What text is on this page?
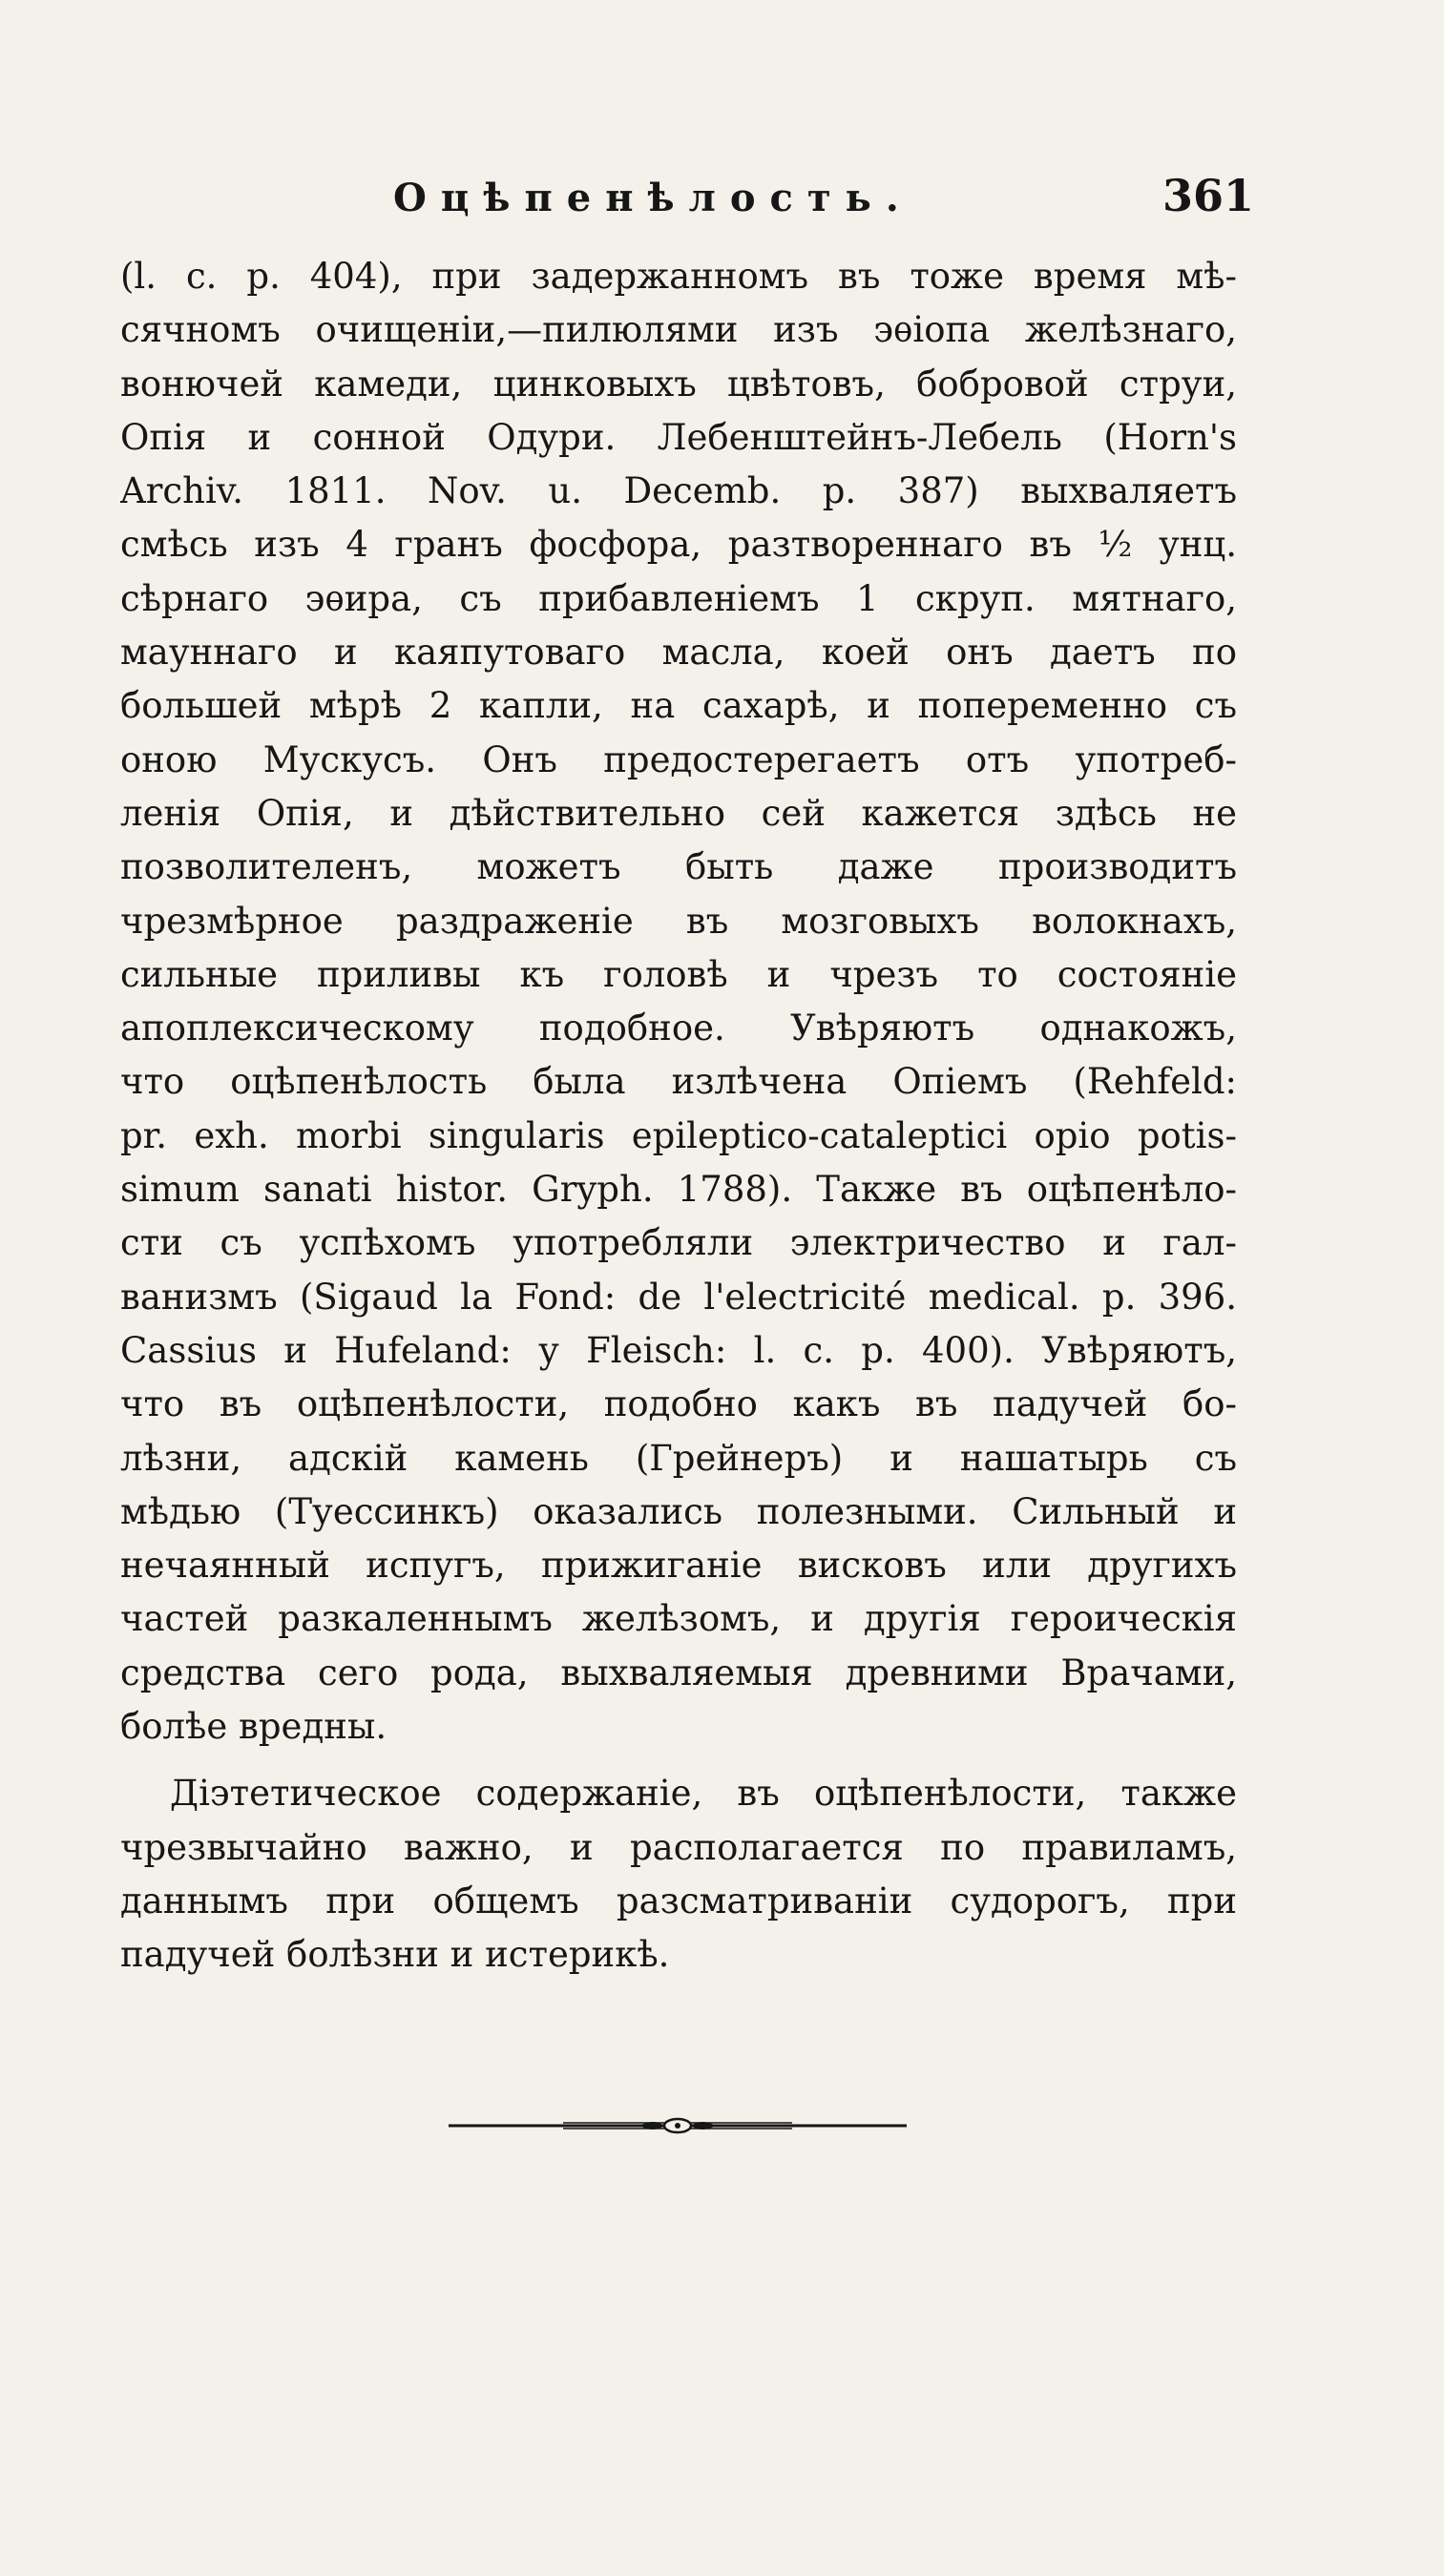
Оцѣпенѣлость.	361
(l. c. p. 404), при задержанномъ въ тоже время мѣ-
сячномъ очищеніи,—пилюлями изъ эѳіопа желѣзнаго,
вонючей камеди, цинковыхъ цвѣтовъ, бобровой струи,
Опія и сонной Одури. Лебенштейнъ-Лебель (Horn's
Archiv. 1811. Nov. u. Decemb. p. 387) выхваляетъ
смѣсь изъ 4 гранъ фосфора, разтвореннаго въ ½ унц.
сѣрнаго эѳира, съ прибавленіемъ 1 скруп. мятнаго,
мауннаго и каяпутоваго масла, коей онъ даетъ по
большей мѣрѣ 2 капли, на сахарѣ, и попеременно съ
оною Мускусъ. Онъ предостерегаетъ отъ употреб-
ленія Опія, и дѣйствительно сей кажется здѣсь не
позволителенъ, можетъ быть даже производитъ
чрезмѣрное раздраженіе въ мозговыхъ волокнахъ,
сильные приливы къ головѣ и чрезъ то состояніе
апоплексическому подобное. Увѣряютъ однакожъ,
что оцѣпенѣлость была излѣчена Опіемъ (Rehfeld:
pr. exh. morbi singularis epileptico-cataleptici opio potis-
simum sanati histor. Gryph. 1788). Также въ оцѣпенѣло-
сти съ успѣхомъ употребляли электричество и гал-
ванизмъ (Sigaud la Fond: de l'electricité medical. p. 396.
Cassius и Hufeland: у Fleisch: l. c. p. 400). Увѣряютъ,
что въ оцѣпенѣлости, подобно какъ въ падучей бо-
лѣзни, адскій камень (Грейнеръ) и нашатырь съ
мѣдью (Туессинкъ) оказались полезными. Сильный и
нечаянный испугъ, прижиганіе висковъ или другихъ
частей разкаленнымъ желѣзомъ, и другія героическія
средства сего рода, выхваляемыя древними Врачами,
болѣе вредны.
Діэтетическое содержаніе, въ оцѣпенѣлости, также
чрезвычайно важно, и располагается по правиламъ,
даннымъ при общемъ разсматриваніи судорогъ, при
падучей болѣзни и истерикѣ.
